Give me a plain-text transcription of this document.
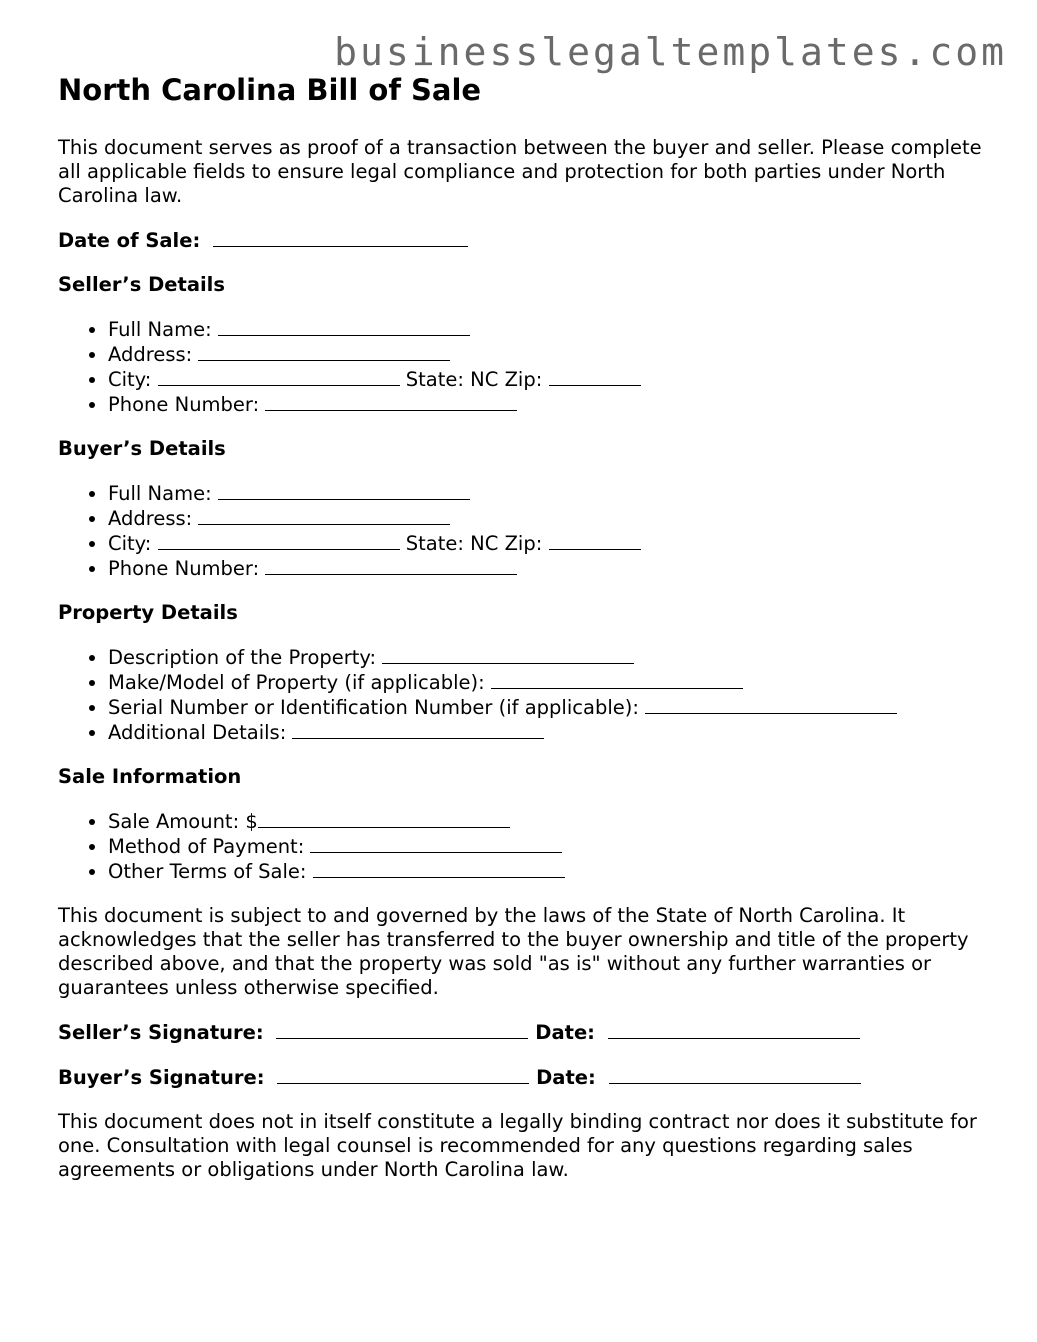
businesslegaltemplates.com
North Carolina Bill of Sale

This document serves as proof of a transaction between the buyer and seller. Please complete all applicable fields to ensure legal compliance and protection for both parties under North Carolina law.

Date of Sale:
Seller’s Details
• Full Name:
• Address:
• City:	State: NC Zip:
• Phone Number:
Buyer’s Details
• Full Name:
• Address:
• City:	State: NC Zip:
• Phone Number:
Property Details
• Description of the Property:
• Make/Model of Property (if applicable):
• Serial Number or Identification Number (if applicable):
• Additional Details:
Sale Information
• Sale Amount: $
• Method of Payment:
• Other Terms of Sale:

This document is subject to and governed by the laws of the State of North Carolina. It acknowledges that the seller has transferred to the buyer ownership and title of the property described above, and that the property was sold "as is" without any further warranties or guarantees unless otherwise specified.

Seller’s Signature:	Date:
Buyer’s Signature:	Date:

This document does not in itself constitute a legally binding contract nor does it substitute for one. Consultation with legal counsel is recommended for any questions regarding sales agreements or obligations under North Carolina law.
